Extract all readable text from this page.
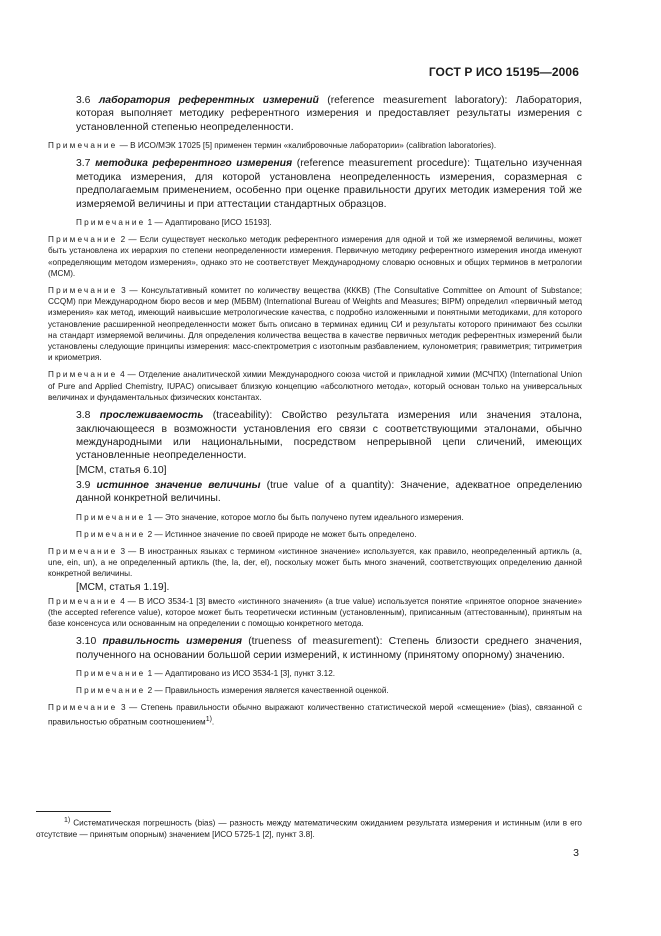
ГОСТ Р ИСО 15195—2006

3.6 лаборатория референтных измерений (reference measurement laboratory): Лаборатория, которая выполняет методику референтного измерения и предоставляет результаты измерения с установленной степенью неопределенности.

Примечание — В ИСО/МЭК 17025 [5] применен термин «калибровочные лаборатории» (calibration laboratories).

3.7 методика референтного измерения (reference measurement procedure): Тщательно изученная методика измерения, для которой установлена неопределенность измерения, соразмерная с предполагаемым применением, особенно при оценке правильности других методик измерения той же измеряемой величины и при аттестации стандартных образцов.

Примечание 1 — Адаптировано [ИСО 15193].

Примечание 2 — Если существует несколько методик референтного измерения для одной и той же измеряемой величины, может быть установлена их иерархия по степени неопределенности измерения. Первичную методику референтного измерения иногда именуют «определяющим методом измерения», однако это не соответствует Международному словарю основных и общих терминов в метрологии (МСМ).

Примечание 3 — Консультативный комитет по количеству вещества (ККKB) (The Consultative Committee on Amount of Substance; CCQM) при Международном бюро весов и мер (МБВМ) (International Bureau of Weights and Measures; BIPM) определил «первичный метод измерения» как метод, имеющий наивысшие метрологические качества, с подробно изложенными и понятными методиками, для которого установление расширенной неопределенности может быть описано в терминах единиц СИ и результаты которого принимают без ссылки на стандарт измеряемой величины. Для определения количества вещества в качестве первичных методик референтных измерений были установлены следующие принципы измерения: масс-спектрометрия с изотопным разбавлением, кулонометрия; гравиметрия; титриметрия и криометрия.

Примечание 4 — Отделение аналитической химии Международного союза чистой и прикладной химии (МСЧПХ) (International Union of Pure and Applied Chemistry, IUPAC) описывает близкую концепцию «абсолютного метода», который основан только на универсальных величинах и фундаментальных физических константах.

3.8 прослеживаемость (traceability): Свойство результата измерения или значения эталона, заключающееся в возможности установления его связи с соответствующими эталонами, обычно международными или национальными, посредством непрерывной цепи сличений, имеющих установленные неопределенности.

[МСМ, статья 6.10]

3.9 истинное значение величины (true value of a quantity): Значение, адекватное определению данной конкретной величины.

Примечание 1 — Это значение, которое могло бы быть получено путем идеального измерения.

Примечание 2 — Истинное значение по своей природе не может быть определено.

Примечание 3 — В иностранных языках с термином «истинное значение» используется, как правило, неопределенный артикль (a, une, ein, un), а не определенный артикль (the, la, der, el), поскольку может быть много значений, соответствующих определению данной конкретной величины.

[МСМ, статья 1.19].

Примечание 4 — В ИСО 3534-1 [3] вместо «истинного значения» (a true value) используется понятие «принятое опорное значение» (the accepted reference value), которое может быть теоретически истинным (установленным), приписанным (аттестованным), принятым на базе консенсуса или основанным на определении с помощью конкретного метода.

3.10 правильность измерения (trueness of measurement): Степень близости среднего значения, полученного на основании большой серии измерений, к истинному (принятому опорному) значению.

Примечание 1 — Адаптировано из ИСО 3534-1 [3], пункт 3.12.

Примечание 2 — Правильность измерения является качественной оценкой.

Примечание 3 — Степень правильности обычно выражают количественно статистической мерой «смещение» (bias), связанной с правильностью обратным соотношением$^{1)}$.

$^{1)}$ Систематическая погрешность (bias) — разность между математическим ожиданием результата измерения и истинным (или в его отсутствие — принятым опорным) значением [ИСО 5725-1 [2], пункт 3.8].
3
